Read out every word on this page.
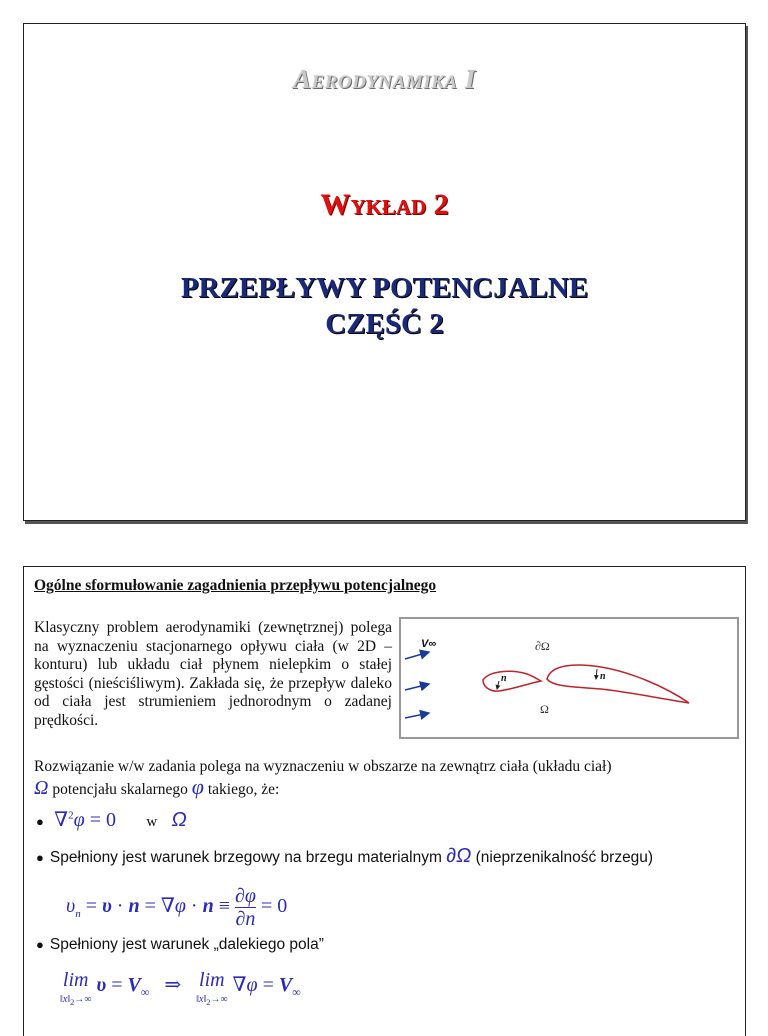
Aerodynamika I
Wykład 2
PRZEPŁYWY POTENCJALNE
CZĘŚĆ 2
Ogólne sformułowanie zagadnienia przepływu potencjalnego
Klasyczny problem aerodynamiki (zewnętrznej) polega na wyznaczeniu stacjonarnego opływu ciała (w 2D – konturu) lub układu ciał płynem nielepkim o stałej gęstości (nieściśliwym). Zakłada się, że przepływ daleko od ciała jest strumieniem jednorodnym o zadanej prędkości.
V∞	∂Ω
n	n
Ω
Rozwiązanie w/w zadania polega na wyznaczeniu w obszarze na zewnątrz ciała (układu ciał)
Ω potencjału skalarnego φ takiego, że:
● ∇$^2$φ = 0 w Ω
● Spełniony jest warunek brzegowy na brzegu materialnym ∂Ω (nieprzenikalność brzegu)
$\upsilon_n = \upsilon \cdot n = \nabla\varphi \cdot n \equiv \frac{\partial\varphi}{\partial n} = 0$
● Spełniony jest warunek „dalekiego pola”
lim
$‖x‖_2\to\infty$ $\upsilon = V_\infty$   ⇒   lim
$‖x‖_2\to\infty$ $\nabla\varphi = V_\infty$
